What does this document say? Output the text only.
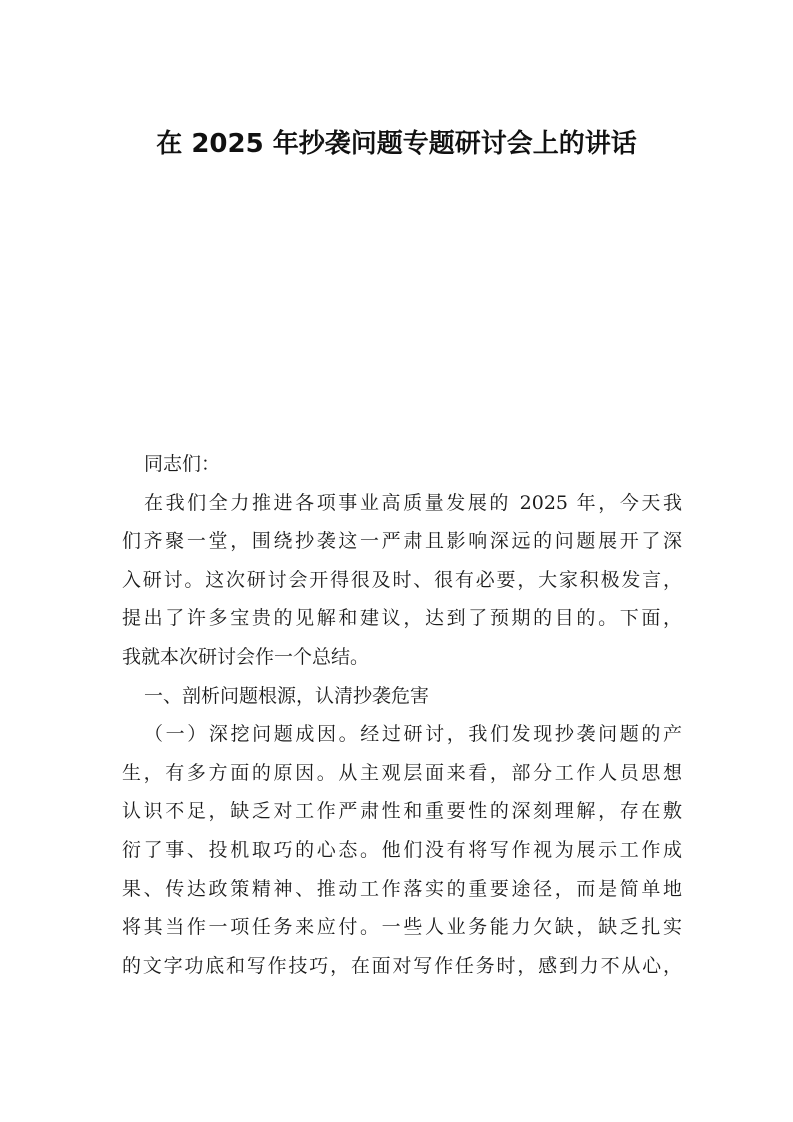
在 2025 年抄袭问题专题研讨会上的讲话
同志们：
在我们全力推进各项事业高质量发展的 2025 年，今天我
们齐聚一堂，围绕抄袭这一严肃且影响深远的问题展开了深
入研讨。这次研讨会开得很及时、很有必要，大家积极发言，
提出了许多宝贵的见解和建议，达到了预期的目的。下面，
我就本次研讨会作一个总结。
一、剖析问题根源，认清抄袭危害
（一）深挖问题成因。经过研讨，我们发现抄袭问题的产
生，有多方面的原因。从主观层面来看，部分工作人员思想
认识不足，缺乏对工作严肃性和重要性的深刻理解，存在敷
衍了事、投机取巧的心态。他们没有将写作视为展示工作成
果、传达政策精神、推动工作落实的重要途径，而是简单地
将其当作一项任务来应付。一些人业务能力欠缺，缺乏扎实
的文字功底和写作技巧，在面对写作任务时，感到力不从心，
